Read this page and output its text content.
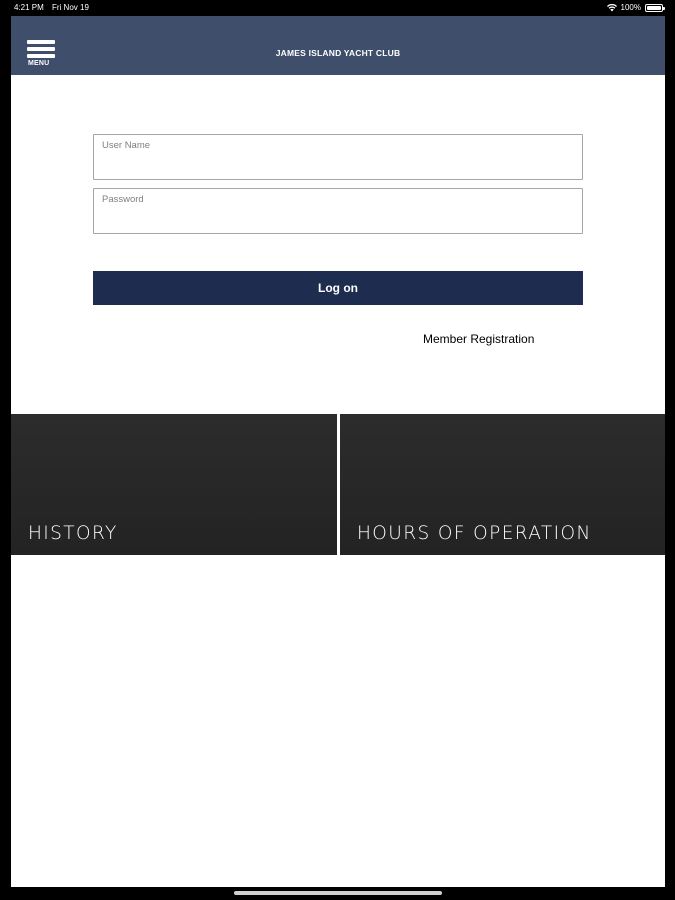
4:21 PM Fri Nov 19	100%
MENU
JAMES ISLAND YACHT CLUB
User Name
Password
Log on
Member Registration
HISTORY	HOURS OF OPERATION
